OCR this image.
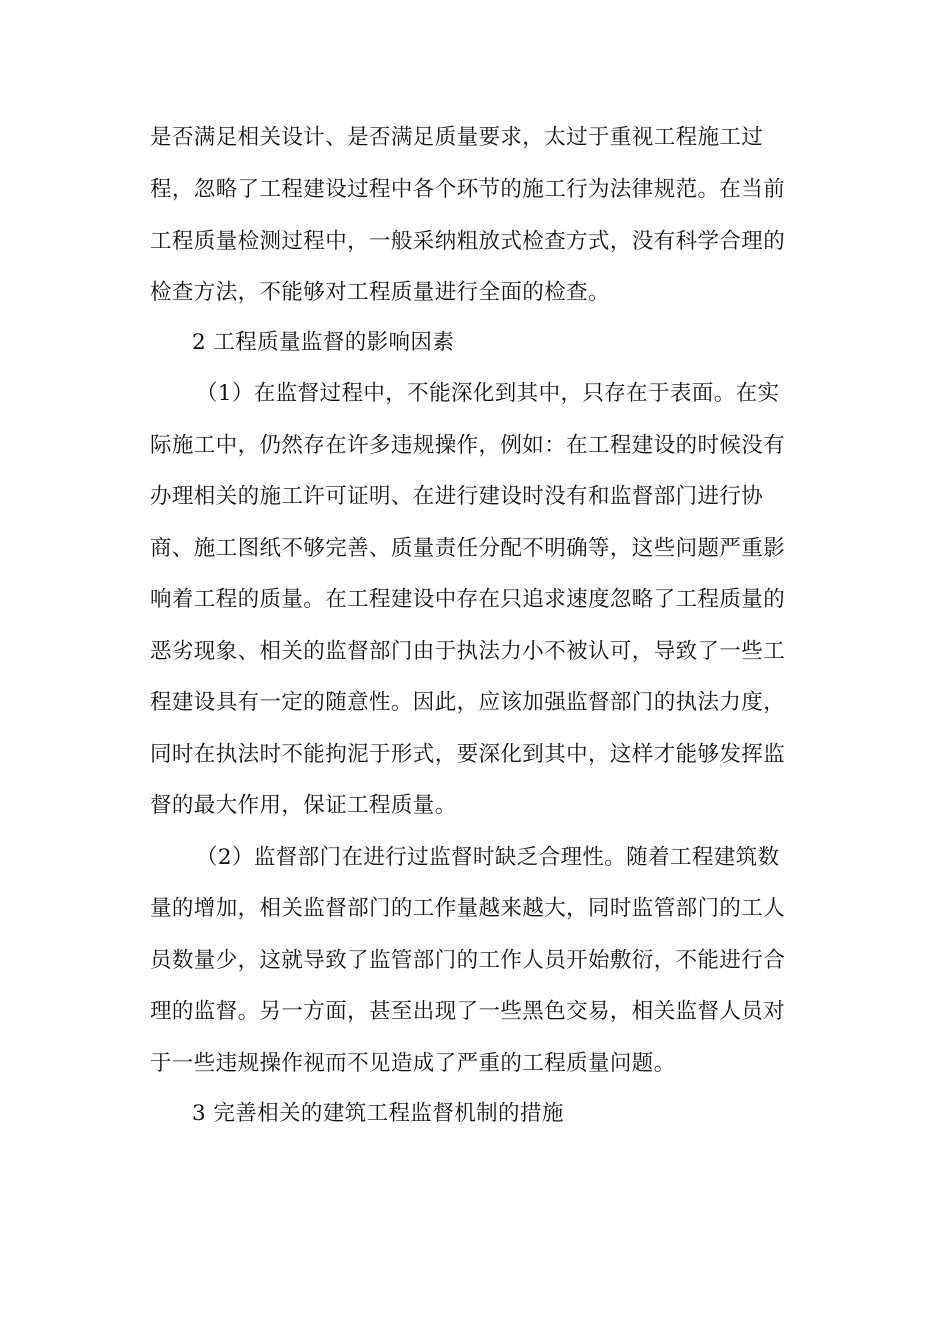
是否满足相关设计、是否满足质量要求，太过于重视工程施工过
程，忽略了工程建设过程中各个环节的施工行为法律规范。在当前
工程质量检测过程中，一般采纳粗放式检查方式，没有科学合理的
检查方法，不能够对工程质量进行全面的检查。
2 工程质量监督的影响因素
（1）在监督过程中，不能深化到其中，只存在于表面。在实
际施工中，仍然存在许多违规操作，例如：在工程建设的时候没有
办理相关的施工许可证明、在进行建设时没有和监督部门进行协
商、施工图纸不够完善、质量责任分配不明确等，这些问题严重影
响着工程的质量。在工程建设中存在只追求速度忽略了工程质量的
恶劣现象、相关的监督部门由于执法力小不被认可，导致了一些工
程建设具有一定的随意性。因此，应该加强监督部门的执法力度，
同时在执法时不能拘泥于形式，要深化到其中，这样才能够发挥监
督的最大作用，保证工程质量。
（2）监督部门在进行过监督时缺乏合理性。随着工程建筑数
量的增加，相关监督部门的工作量越来越大，同时监管部门的工人
员数量少，这就导致了监管部门的工作人员开始敷衍，不能进行合
理的监督。另一方面，甚至出现了一些黑色交易，相关监督人员对
于一些违规操作视而不见造成了严重的工程质量问题。
3 完善相关的建筑工程监督机制的措施
